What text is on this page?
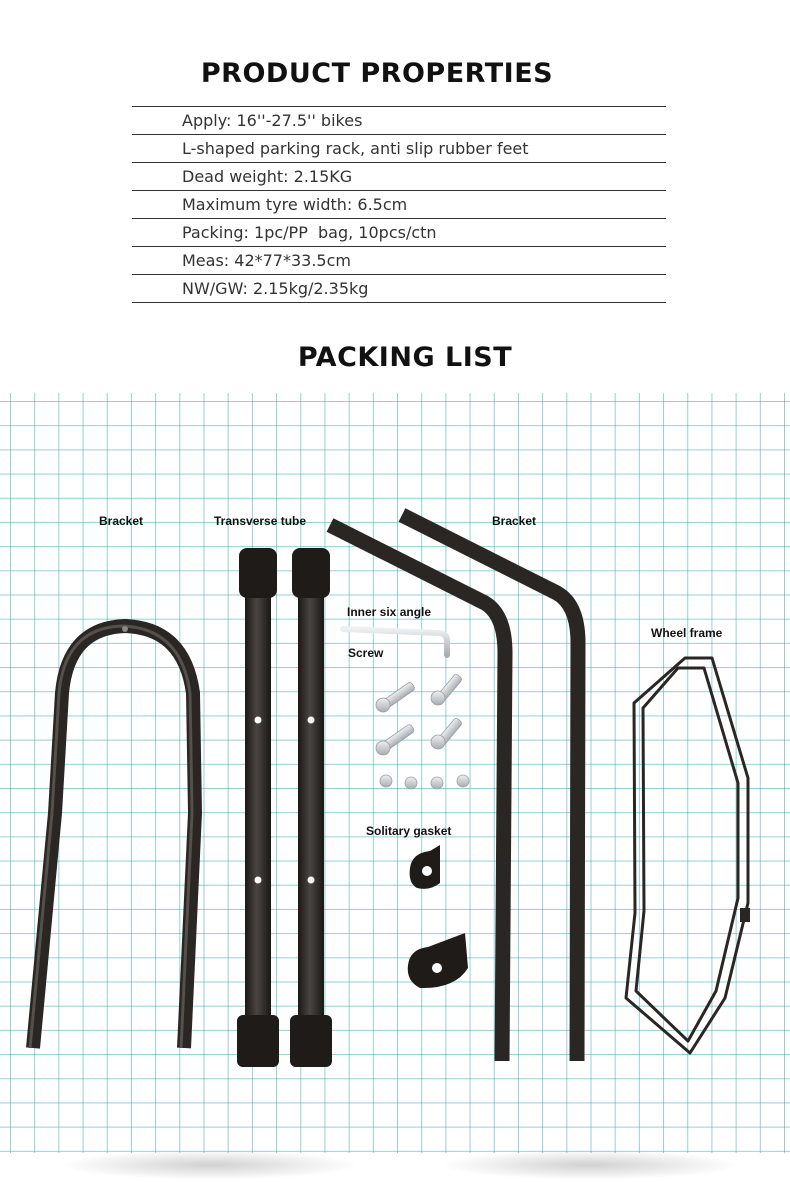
PRODUCT PROPERTIES
Apply: 16''-27.5'' bikes
L-shaped parking rack, anti slip rubber feet
Dead weight: 2.15KG
Maximum tyre width: 6.5cm
Packing: 1pc/PP  bag, 10pcs/ctn
Meas: 42*77*33.5cm
NW/GW: 2.15kg/2.35kg
PACKING LIST
Bracket	Transverse tube	Bracket
Inner six angle
Screw
Wheel frame
Solitary gasket
